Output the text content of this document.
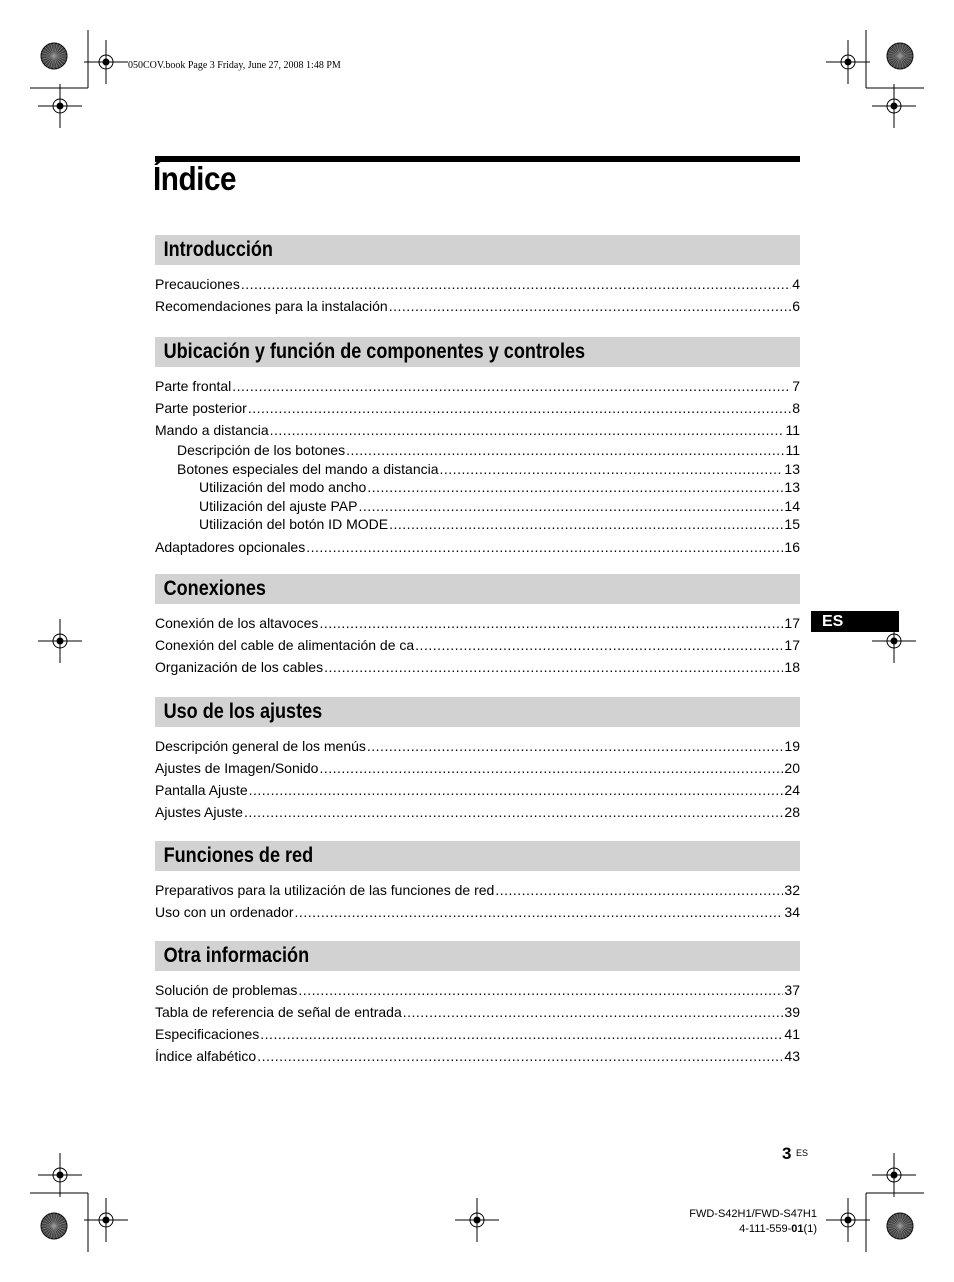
050COV.book Page 3 Friday, June 27, 2008 1:48 PM
Índice
Introducción
Precauciones .....	4
Recomendaciones para la instalación .....	6
Ubicación y función de componentes y controles
Parte frontal .....	7
Parte posterior .....	8
Mando a distancia .....	11
Descripción de los botones .....	11
Botones especiales del mando a distancia .....	13
Utilización del modo ancho .....	13
Utilización del ajuste PAP .....	14
Utilización del botón ID MODE .....	15
Adaptadores opcionales .....	16
Conexiones
Conexión de los altavoces .....	17
Conexión del cable de alimentación de ca .....	17
Organización de los cables .....	18
Uso de los ajustes
Descripción general de los menús .....	19
Ajustes de Imagen/Sonido .....	20
Pantalla Ajuste .....	24
Ajustes Ajuste .....	28
Funciones de red
Preparativos para la utilización de las funciones de red .....	32
Uso con un ordenador .....	34
Otra información
Solución de problemas .....	37
Tabla de referencia de señal de entrada .....	39
Especificaciones .....	41
Índice alfabético .....	43
ES
3 ES
FWD-S42H1/FWD-S47H1
4-111-559-01(1)
